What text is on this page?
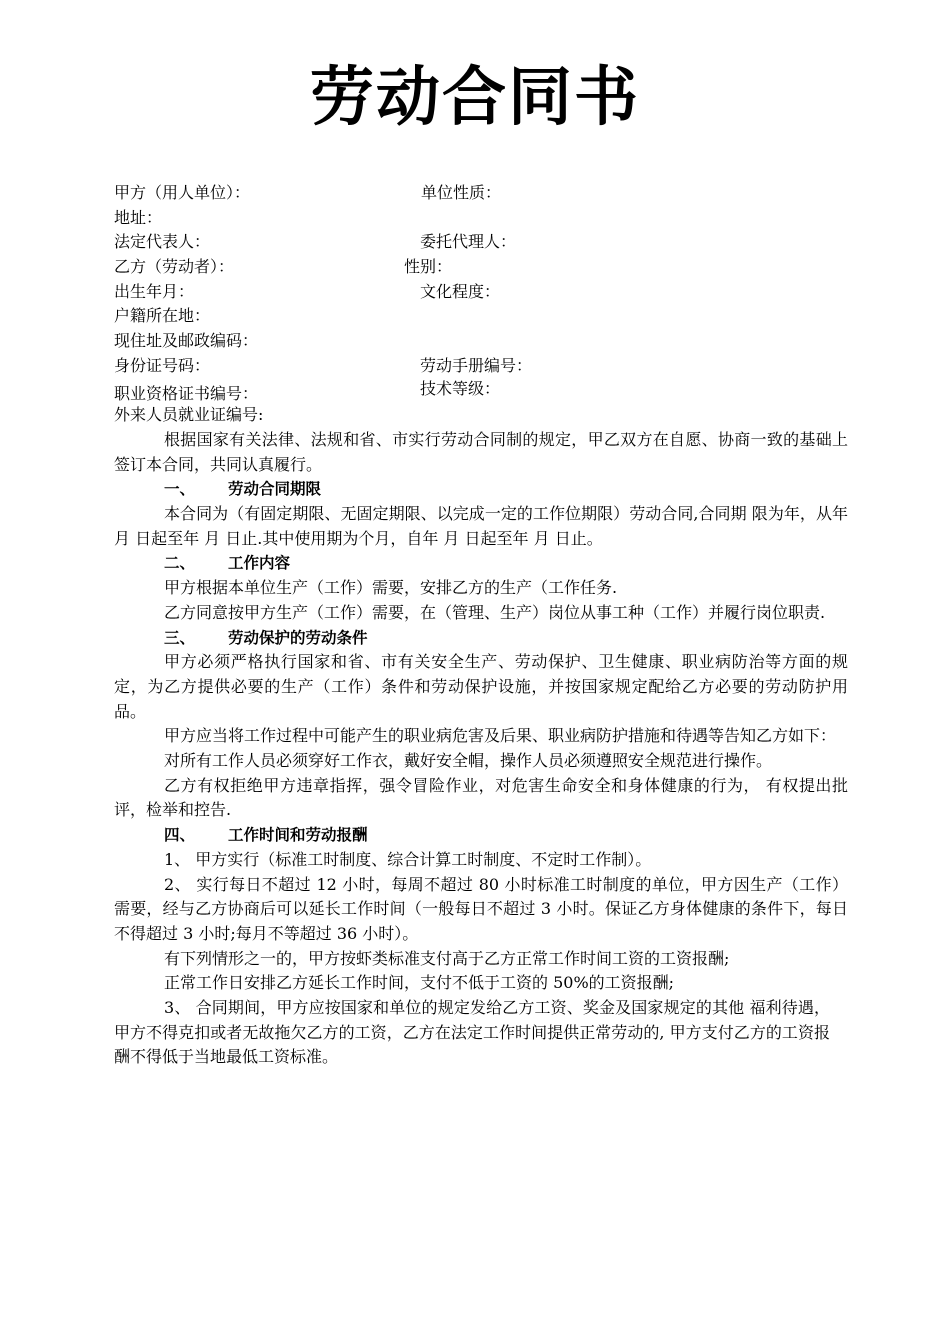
劳动合同书
甲方（用人单位）：	单位性质：
地址：
法定代表人：	委托代理人：
乙方（劳动者）：	性别：
出生年月：	文化程度：
户籍所在地：
现住址及邮政编码：
身份证号码：	劳动手册编号：
职业资格证书编号：	技术等级：
外来人员就业证编号:

根据国家有关法律、法规和省、市实行劳动合同制的规定，甲乙双方在自愿、协商一致的基础上签订本合同，共同认真履行。

一、 劳动合同期限

本合同为（有固定期限、无固定期限、以完成一定的工作位期限）劳动合同,合同期 限为年，从年 月 日起至年 月 日止.其中使用期为个月，自年 月 日起至年 月 日止。

二、 工作内容

甲方根据本单位生产（工作）需要，安排乙方的生产（工作任务.

乙方同意按甲方生产（工作）需要，在（管理、生产）岗位从事工种（工作）并履行岗位职责.

三、 劳动保护的劳动条件

甲方必须严格执行国家和省、市有关安全生产、劳动保护、卫生健康、职业病防治等方面的规定，为乙方提供必要的生产（工作）条件和劳动保护设施，并按国家规定配给乙方必要的劳动防护用品。

甲方应当将工作过程中可能产生的职业病危害及后果、职业病防护措施和待遇等告知乙方如下：

对所有工作人员必须穿好工作衣，戴好安全帽，操作人员必须遵照安全规范进行操作。

乙方有权拒绝甲方违章指挥，强令冒险作业，对危害生命安全和身体健康的行为， 有权提出批评，检举和控告.

四、 工作时间和劳动报酬

1、 甲方实行（标准工时制度、综合计算工时制度、不定时工作制）。

2、 实行每日不超过 12 小时，每周不超过 80 小时标准工时制度的单位，甲方因生产（工作）需要，经与乙方协商后可以延长工作时间（一般每日不超过 3 小时。保证乙方身体健康的条件下，每日不得超过 3 小时;每月不等超过 36 小时）。

有下列情形之一的，甲方按虾类标准支付高于乙方正常工作时间工资的工资报酬;

正常工作日安排乙方延长工作时间，支付不低于工资的 50%的工资报酬;

3、 合同期间，甲方应按国家和单位的规定发给乙方工资、奖金及国家规定的其他 福利待遇，甲方不得克扣或者无故拖欠乙方的工资，乙方在法定工作时间提供正常劳动的, 甲方支付乙方的工资报酬不得低于当地最低工资标准。
